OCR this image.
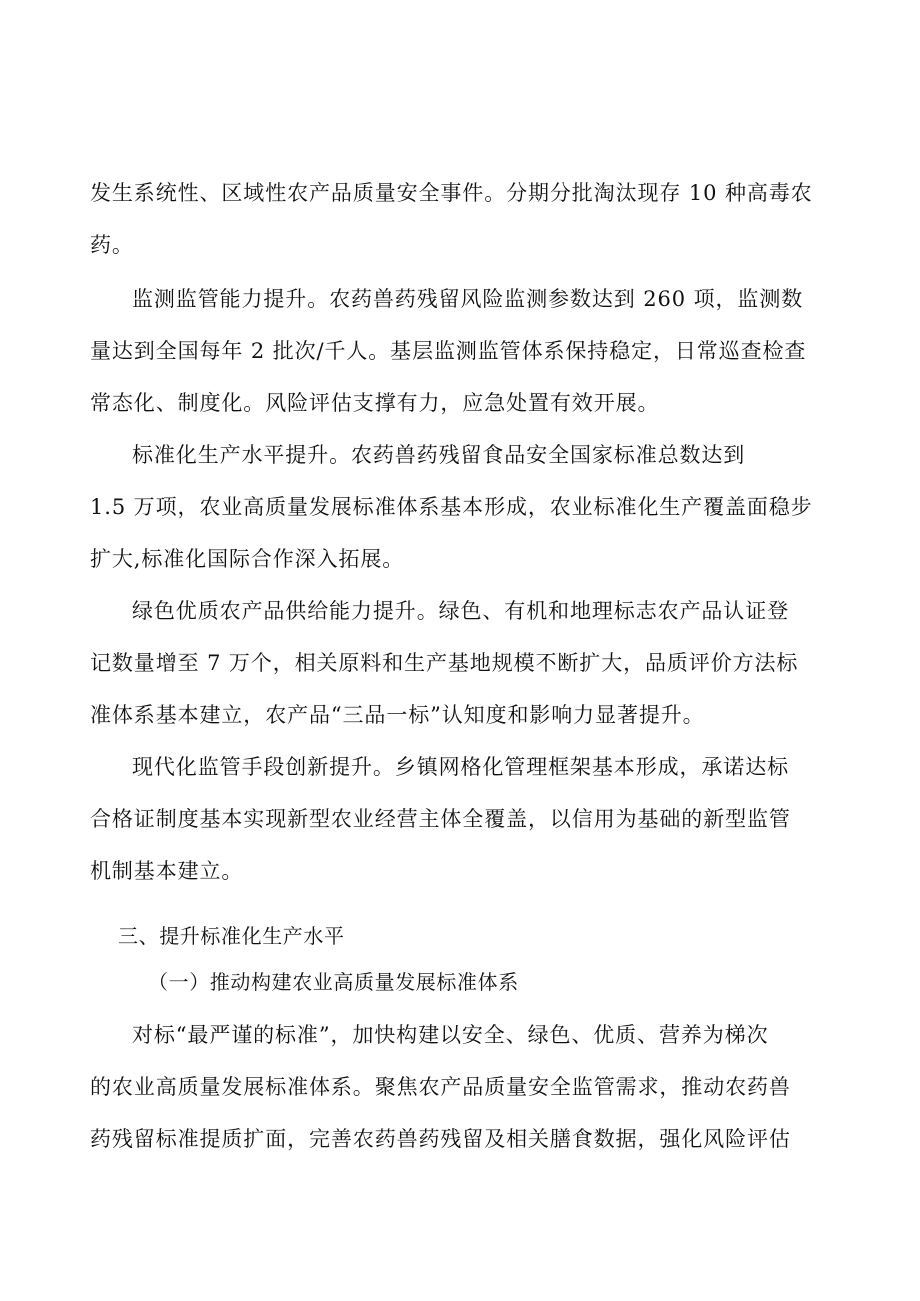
发生系统性、区域性农产品质量安全事件。分期分批淘汰现存 10 种高毒农
药。
监测监管能力提升。农药兽药残留风险监测参数达到 260 项，监测数
量达到全国每年 2 批次/千人。基层监测监管体系保持稳定，日常巡查检查
常态化、制度化。风险评估支撑有力，应急处置有效开展。
标准化生产水平提升。农药兽药残留食品安全国家标准总数达到
1.5 万项，农业高质量发展标准体系基本形成，农业标准化生产覆盖面稳步
扩大,标准化国际合作深入拓展。
绿色优质农产品供给能力提升。绿色、有机和地理标志农产品认证登
记数量增至 7 万个，相关原料和生产基地规模不断扩大，品质评价方法标
准体系基本建立，农产品“三品一标”认知度和影响力显著提升。
现代化监管手段创新提升。乡镇网格化管理框架基本形成，承诺达标
合格证制度基本实现新型农业经营主体全覆盖，以信用为基础的新型监管
机制基本建立。
三、提升标准化生产水平
（一）推动构建农业高质量发展标准体系
对标“最严谨的标准”，加快构建以安全、绿色、优质、营养为梯次
的农业高质量发展标准体系。聚焦农产品质量安全监管需求，推动农药兽
药残留标准提质扩面，完善农药兽药残留及相关膳食数据，强化风险评估
